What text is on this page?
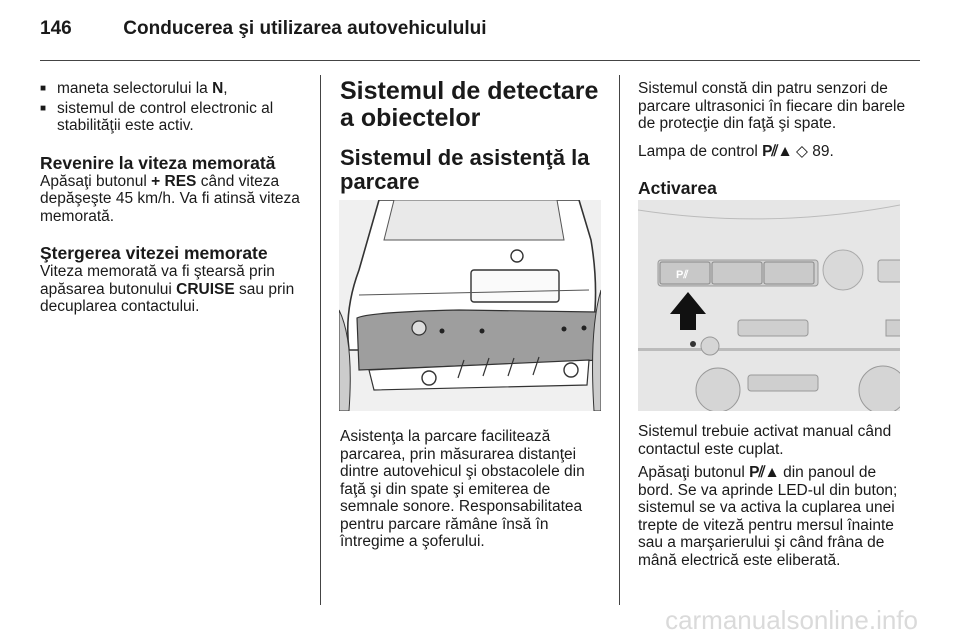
146	Conducerea şi utilizarea autovehiculului
■ maneta selectorului la N,
■ sistemul de control electronic al stabilităţii este activ.
Revenire la viteza memorată

Apăsaţi butonul + RES când viteza depăşeşte 45 km/h. Va fi atinsă viteza memorată.

Ştergerea vitezei memorate

Viteza memorată va fi ştearsă prin apăsarea butonului CRUISE sau prin decuplarea contactului.

Sistemul de detectare a obiectelor
Sistemul de asistenţă la parcare

Asistenţa la parcare facilitează parcarea, prin măsurarea distanţei dintre autovehicul şi obstacolele din faţă şi din spate şi emiterea de semnale sonore. Responsabilitatea pentru parcare rămâne însă în întregime a şoferului.

Sistemul constă din patru senzori de parcare ultrasonici în fiecare din barele de protecţie din faţă şi spate.

Lampa de control P⫽▲ ◇ 89.

Activarea
P⫽

Sistemul trebuie activat manual când contactul este cuplat.

Apăsaţi butonul P⫽▲ din panoul de bord. Se va aprinde LED-ul din buton; sistemul se va activa la cuplarea unei trepte de viteză pentru mersul înainte sau a marşarierului şi când frâna de mână electrică este eliberată.

carmanualsonline.info
